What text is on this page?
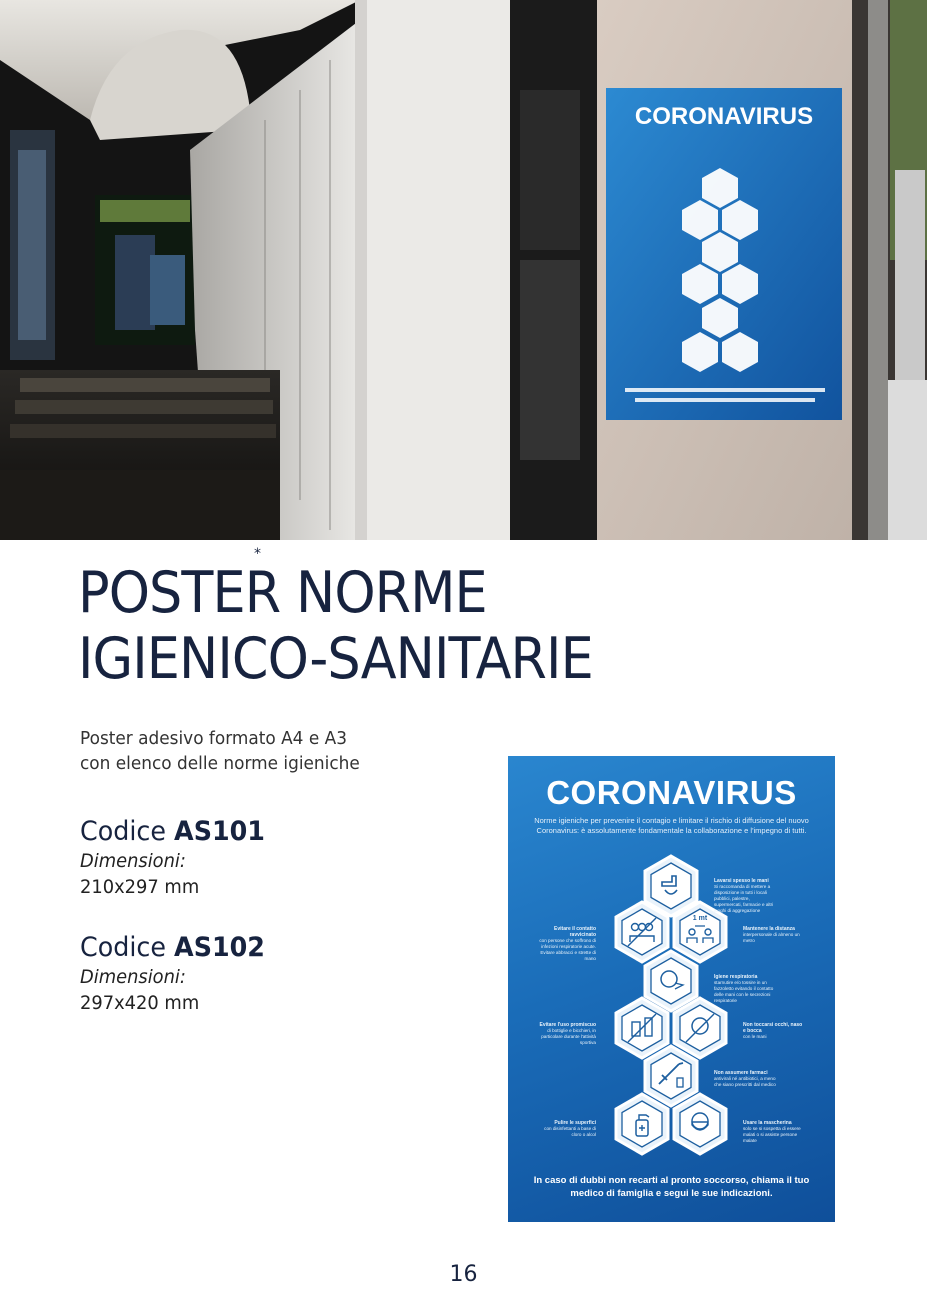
CORONAVIRUS
*
POSTER NORME
IGIENICO-SANITARIE
Poster adesivo formato A4 e A3
con elenco delle norme igieniche
Codice AS101
Dimensioni:
210x297 mm
Codice AS102
Dimensioni:
297x420 mm
CORONAVIRUS
Norme igieniche per prevenire il contagio e limitare il rischio di diffusione del nuovo Coronavirus: è assolutamente fondamentale la collaborazione e l'impegno di tutti.
1 mt
Lavarsi spesso le mani
Si raccomanda di mettere a disposizione in tutti i locali pubblici, palestre, supermercati, farmacie e altri luoghi di aggregazione
Evitare il contatto ravvicinato
con persone che soffrono di infezioni respiratorie acute. Evitare abbracci e strette di mano
Mantenere la distanza
interpersonale di almeno un metro
Igiene respiratoria
starnutire e/o tossire in un fazzoletto evitando il contatto delle mani con le secrezioni respiratorie
Evitare l'uso promiscuo
di bottiglie e bicchieri, in particolare durante l'attività sportiva
Non toccarsi occhi, naso e bocca
con le mani
Non assumere farmaci
antivirali né antibiotici, a meno che siano prescritti dal medico
Pulire le superfici
con disinfettanti a base di cloro o alcol
Usare la mascherina
solo se si sospetta di essere malati o si assiste persone malate
In caso di dubbi non recarti al pronto soccorso, chiama il tuo medico di famiglia e segui le sue indicazioni.
16
